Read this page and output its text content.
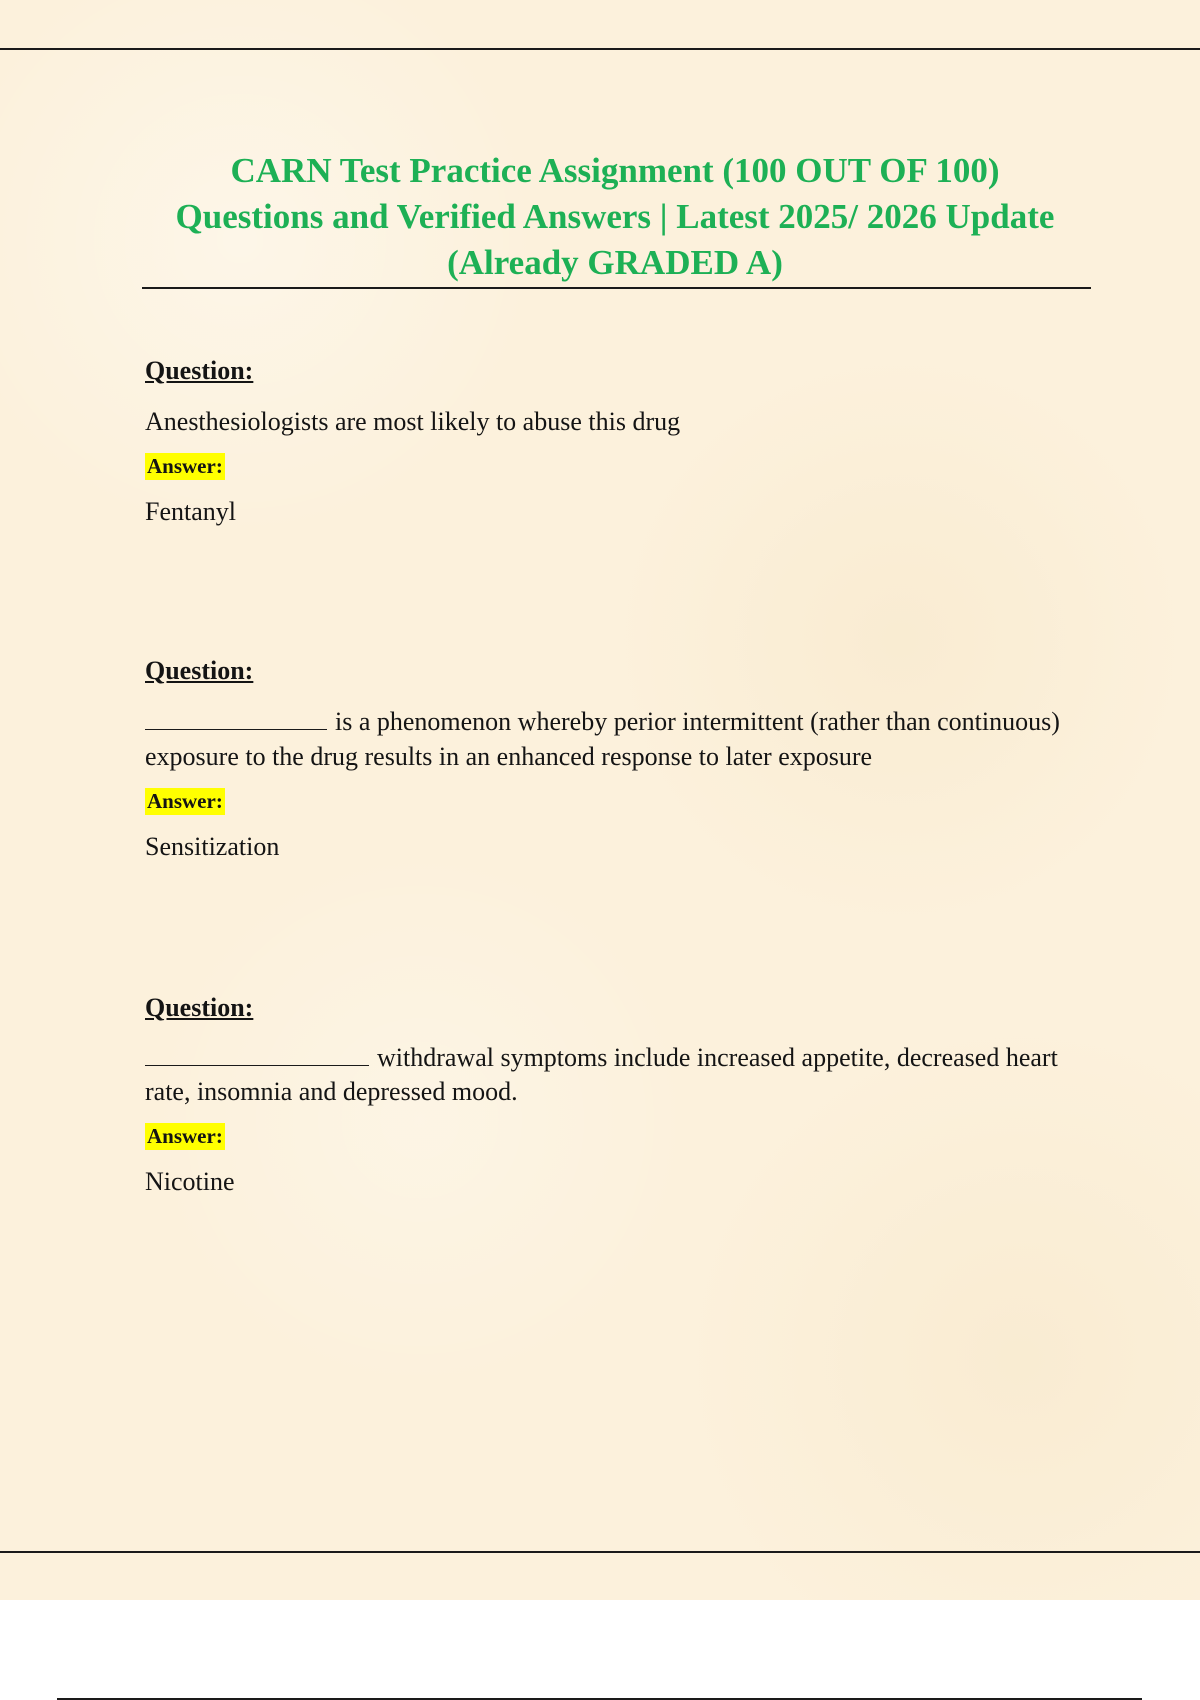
CARN Test Practice Assignment (100 OUT OF 100)
Questions and Verified Answers | Latest 2025/ 2026 Update
(Already GRADED A)
Question:

Anesthesiologists are most likely to abuse this drug

Answer:

Fentanyl

Question:

is a phenomenon whereby perior intermittent (rather than continuous) exposure to the drug results in an enhanced response to later exposure

Answer:

Sensitization

Question:

withdrawal symptoms include increased appetite, decreased heart rate, insomnia and depressed mood.

Answer:

Nicotine
